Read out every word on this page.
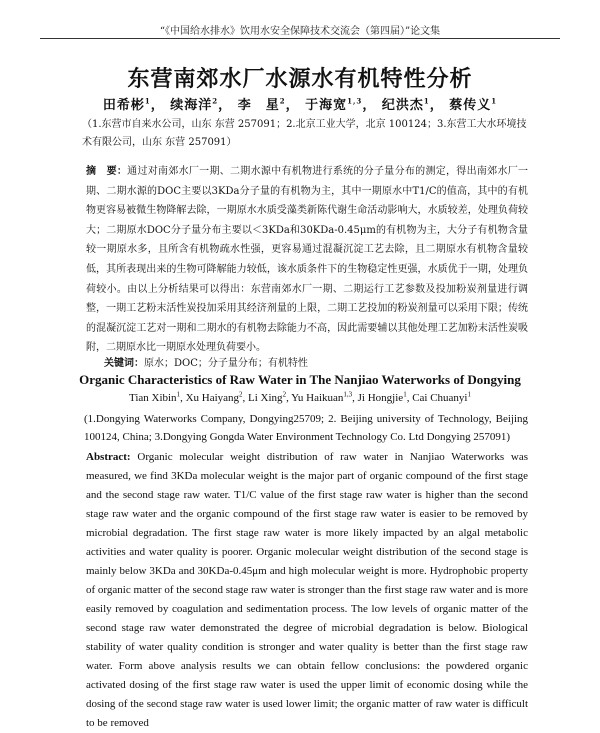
“《中国给水排水》饮用水安全保障技术交流会（第四届）”论文集
东营南郊水厂水源水有机特性分析
田希彬$^1$， 续海洋$^2$， 李　星$^2$， 于海宽$^{1,3}$， 纪洪杰$^1$， 蔡传义$^1$
（1.东营市自来水公司，山东 东营 257091；2.北京工业大学，北京 100124；3.东营工大水环境技术有限公司，山东 东营 257091）
摘　要：通过对南郊水厂一期、二期水源中有机物进行系统的分子量分布的测定，得出南郊水厂一期、二期水源的DOC主要以3KDa分子量的有机物为主，其中一期原水中T1/C的值高，其中的有机物更容易被微生物降解去除，一期原水水质受藻类新陈代谢生命活动影响大，水质较差，处理负荷较大；二期原水DOC分子量分布主要以＜3KDa和30KDa-0.45μm的有机物为主，大分子有机物含量较一期原水多，且所含有机物疏水性强，更容易通过混凝沉淀工艺去除，且二期原水有机物含量较低，其所表现出来的生物可降解能力较低，该水质条件下的生物稳定性更强，水质优于一期，处理负荷较小。由以上分析结果可以得出：东营南郊水厂一期、二期运行工艺参数及投加粉炭剂量进行调整，一期工艺粉末活性炭投加采用其经济剂量的上限，二期工艺投加的粉炭剂量可以采用下限；传统的混凝沉淀工艺对一期和二期水的有机物去除能力不高，因此需要辅以其他处理工艺加粉末活性炭吸附，二期原水比一期原水处理负荷要小。
关键词：原水；DOC；分子量分布；有机特性
Organic Characteristics of Raw Water in The Nanjiao Waterworks of Dongying
Tian Xibin$^1$, Xu Haiyang$^2$, Li Xing$^2$, Yu Haikuan$^{1,3}$, Ji Hongjie$^1$, Cai Chuanyi$^1$
(1.Dongying Waterworks Company, Dongying25709; 2. Beijing university of Technology, Beijing 100124, China; 3.Dongying Gongda Water Environment Technology Co. Ltd Dongying 257091)
Abstract: Organic molecular weight distribution of raw water in Nanjiao Waterworks was measured, we find 3KDa molecular weight is the major part of organic compound of the first stage and the second stage raw water. T1/C value of the first stage raw water is higher than the second stage raw water and the organic compound of the first stage raw water is easier to be removed by microbial degradation. The first stage raw water is more likely impacted by an algal metabolic activities and water quality is poorer. Organic molecular weight distribution of the second stage is mainly below 3KDa and 30KDa-0.45μm and high molecular weight is more. Hydrophobic property of organic matter of the second stage raw water is stronger than the first stage raw water and is more easily removed by coagulation and sedimentation process. The low levels of organic matter of the second stage raw water demonstrated the degree of microbial degradation is below. Biological stability of water quality condition is stronger and water quality is better than the first stage raw water. Form above analysis results we can obtain fellow conclusions: the powdered organic activated dosing of the first stage raw water is used the upper limit of economic dosing while the dosing of the second stage raw water is used lower limit; the organic matter of raw water is difficult to be removed
